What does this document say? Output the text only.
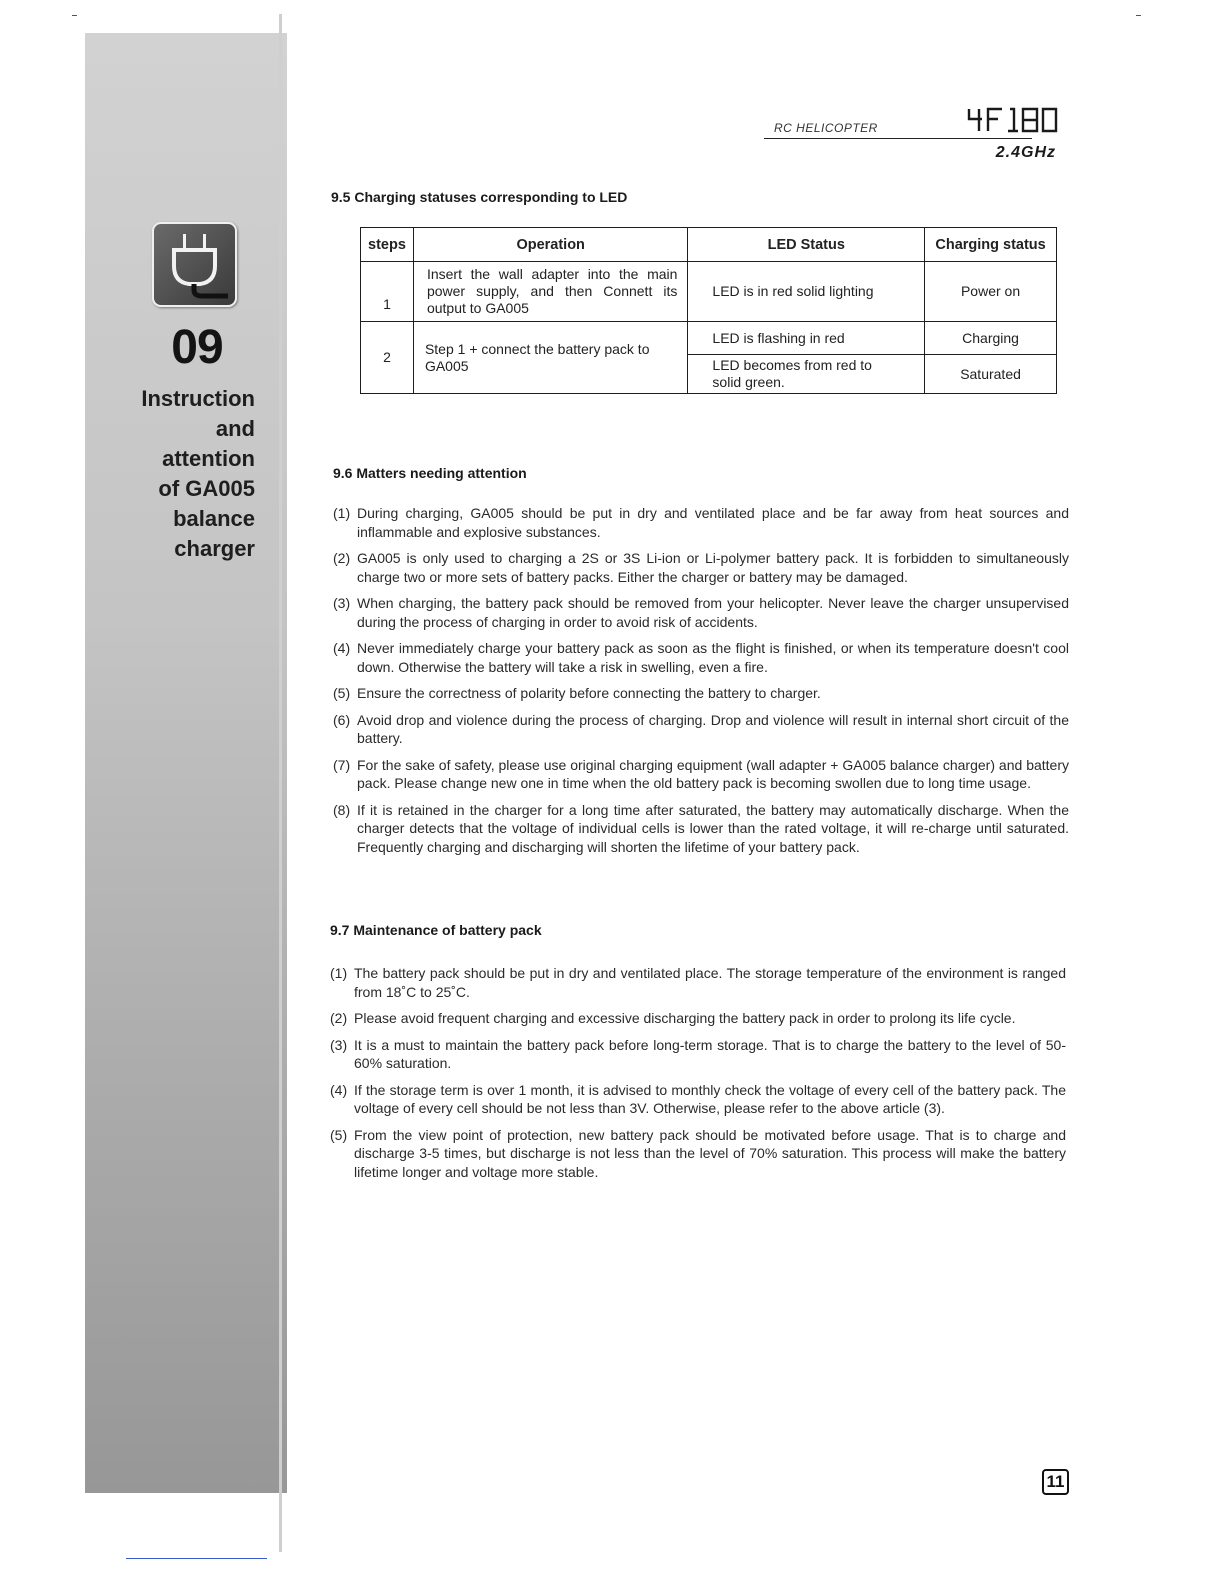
09
Instruction
and
attention
of GA005
balance
charger
RC HELICOPTER
2.4GHz
9.5 Charging statuses corresponding to LED
steps	Operation	LED Status	Charging status
1	Insert the wall adapter into the main power supply, and then Connett its output to GA005	LED is in red solid lighting	Power on
2	Step 1 + connect the battery pack to GA005	LED is flashing in red	Charging
		LED becomes from red to solid green.	Saturated
9.6 Matters needing attention
(1) During charging, GA005 should be put in dry and ventilated place and be far away from heat sources and inflammable and explosive substances.
(2) GA005 is only used to charging a 2S or 3S Li-ion or Li-polymer battery pack. It is forbidden to simultaneously charge two or more sets of battery packs. Either the charger or battery may be damaged.
(3) When charging, the battery pack should be removed from your helicopter. Never leave the charger unsupervised during the process of charging in order to avoid risk of accidents.
(4) Never immediately charge your battery pack as soon as the flight is finished, or when its temperature doesn't cool down. Otherwise the battery will take a risk in swelling, even a fire.
(5) Ensure the correctness of polarity before connecting the battery to charger.
(6) Avoid drop and violence during the process of charging. Drop and violence will result in internal short circuit of the battery.
(7) For the sake of safety, please use original charging equipment (wall adapter + GA005 balance charger) and battery pack. Please change new one in time when the old battery pack is becoming swollen due to long time usage.
(8) If it is retained in the charger for a long time after saturated, the battery may automatically discharge. When the charger detects that the voltage of individual cells is lower than the rated voltage, it will re-charge until saturated. Frequently charging and discharging will shorten the lifetime of your battery pack.
9.7 Maintenance of battery pack
(1) The battery pack should be put in dry and ventilated place. The storage temperature of the environment is ranged from 18˚C to 25˚C.
(2) Please avoid frequent charging and excessive discharging the battery pack in order to prolong its life cycle.
(3) It is a must to maintain the battery pack before long-term storage. That is to charge the battery to the level of 50-60% saturation.
(4) If the storage term is over 1 month, it is advised to monthly check the voltage of every cell of the battery pack. The voltage of every cell should be not less than 3V. Otherwise, please refer to the above article (3).
(5) From the view point of protection, new battery pack should be motivated before usage. That is to charge and discharge 3-5 times, but discharge is not less than the level of 70% saturation. This process will make the battery lifetime longer and voltage more stable.
11
